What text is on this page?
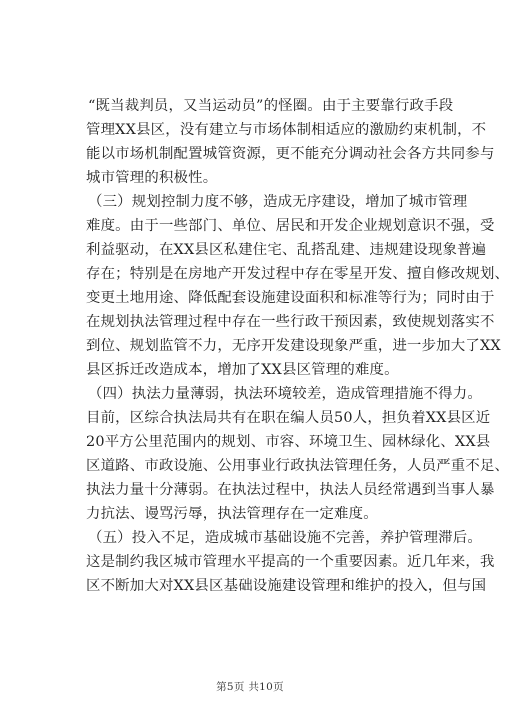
“既当裁判员，又当运动员”的怪圈。由于主要靠行政手段
管理XX县区，没有建立与市场体制相适应的激励约束机制，不
能以市场机制配置城管资源，更不能充分调动社会各方共同参与
城市管理的积极性。
（三）规划控制力度不够，造成无序建设，增加了城市管理
难度。由于一些部门、单位、居民和开发企业规划意识不强，受
利益驱动，在XX县区私建住宅、乱搭乱建、违规建设现象普遍
存在；特别是在房地产开发过程中存在零星开发、擅自修改规划、
变更土地用途、降低配套设施建设面积和标准等行为；同时由于
在规划执法管理过程中存在一些行政干预因素，致使规划落实不
到位、规划监管不力，无序开发建设现象严重，进一步加大了XX
县区拆迁改造成本，增加了XX县区管理的难度。
（四）执法力量薄弱，执法环境较差，造成管理措施不得力。
目前，区综合执法局共有在职在编人员50人，担负着XX县区近
20平方公里范围内的规划、市容、环境卫生、园林绿化、XX县
区道路、市政设施、公用事业行政执法管理任务，人员严重不足、
执法力量十分薄弱。在执法过程中，执法人员经常遇到当事人暴
力抗法、谩骂污辱，执法管理存在一定难度。
（五）投入不足，造成城市基础设施不完善，养护管理滞后。
这是制约我区城市管理水平提高的一个重要因素。近几年来，我
区不断加大对XX县区基础设施建设管理和维护的投入，但与国
第5页 共10页
